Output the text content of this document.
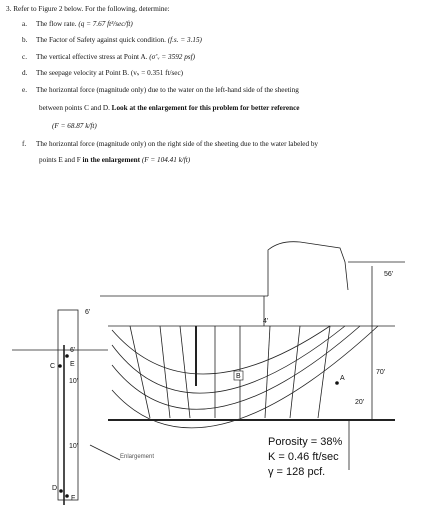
3. Refer to Figure 2 below. For the following, determine:
a. The flow rate. (q = 7.67 ft³/sec/ft)
b. The Factor of Safety against quick condition. (f.s. = 3.15)
c. The vertical effective stress at Point A. (σ’ᵥ = 3592 psf)
d. The seepage velocity at Point B. (vₛ = 0.351 ft/sec)
e. The horizontal force (magnitude only) due to the water on the left-hand side of the sheeting
between points C and D. Look at the enlargement for this problem for better reference
(F = 68.87 k/ft)
f. The horizontal force (magnitude only) on the right side of the sheeting due to the water labeled by
points E and F in the enlargement (F = 104.41 k/ft)
56'
6'
4'
70'
20'
6'
10'
10'
A
B
C E
D
F
Enlargement
Porosity = 38%
K = 0.46 ft/sec
γ = 128 pcf.
